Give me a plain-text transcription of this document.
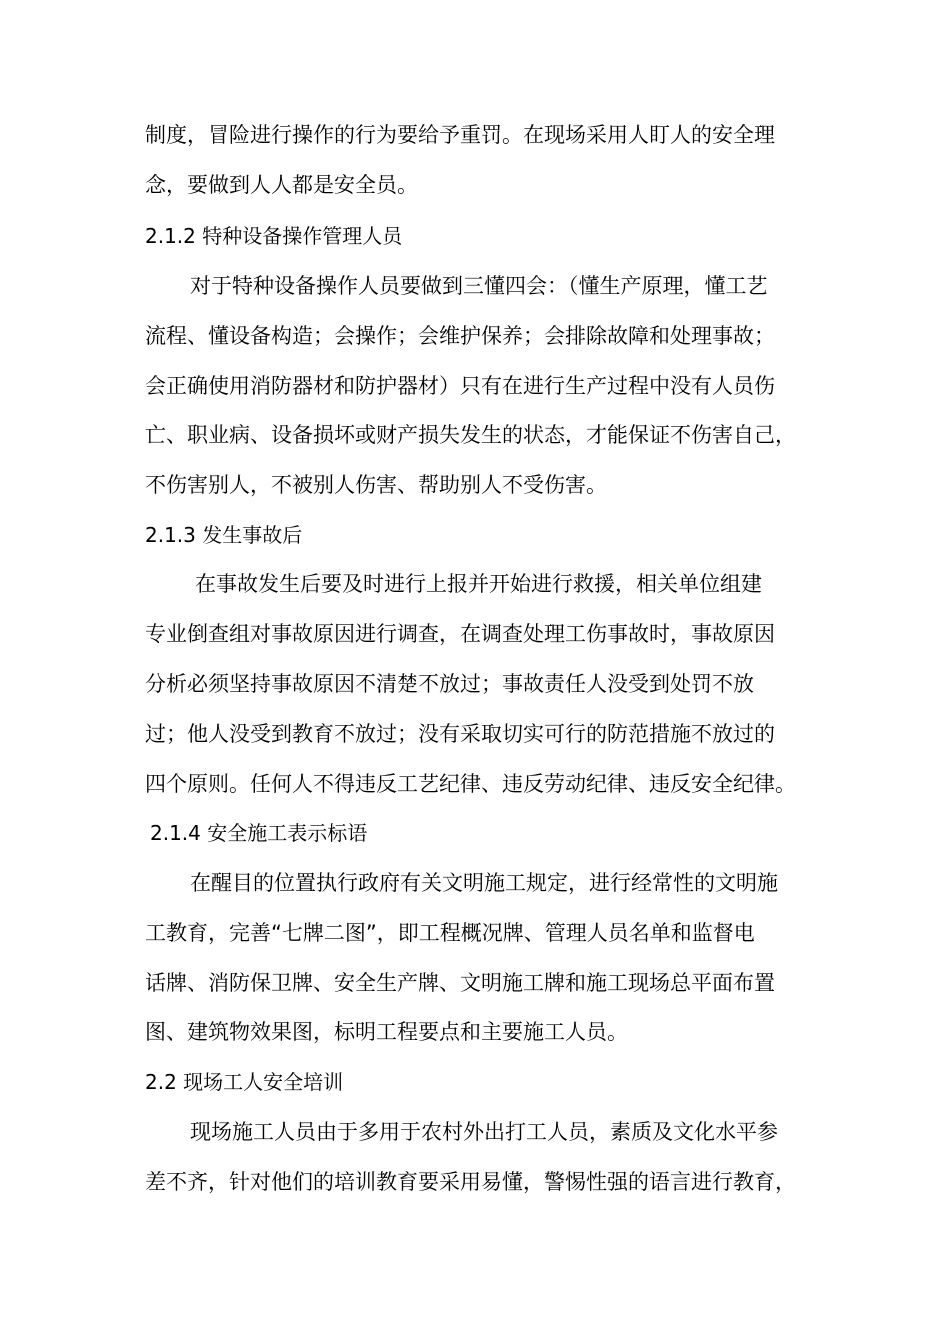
制度，冒险进行操作的行为要给予重罚。在现场采用人盯人的安全理
念，要做到人人都是安全员。
2.1.2 特种设备操作管理人员
对于特种设备操作人员要做到三懂四会：（懂生产原理，懂工艺
流程、懂设备构造；会操作；会维护保养；会排除故障和处理事故；
会正确使用消防器材和防护器材）只有在进行生产过程中没有人员伤
亡、职业病、设备损坏或财产损失发生的状态，才能保证不伤害自己，
不伤害别人，不被别人伤害、帮助别人不受伤害。
2.1.3 发生事故后
在事故发生后要及时进行上报并开始进行救援，相关单位组建
专业倒查组对事故原因进行调查，在调查处理工伤事故时，事故原因
分析必须坚持事故原因不清楚不放过；事故责任人没受到处罚不放
过；他人没受到教育不放过；没有采取切实可行的防范措施不放过的
四个原则。任何人不得违反工艺纪律、违反劳动纪律、违反安全纪律。
2.1.4 安全施工表示标语
在醒目的位置执行政府有关文明施工规定，进行经常性的文明施
工教育，完善“七牌二图”，即工程概况牌、管理人员名单和监督电
话牌、消防保卫牌、安全生产牌、文明施工牌和施工现场总平面布置
图、建筑物效果图，标明工程要点和主要施工人员。
2.2 现场工人安全培训
现场施工人员由于多用于农村外出打工人员，素质及文化水平参
差不齐，针对他们的培训教育要采用易懂，警惕性强的语言进行教育，
